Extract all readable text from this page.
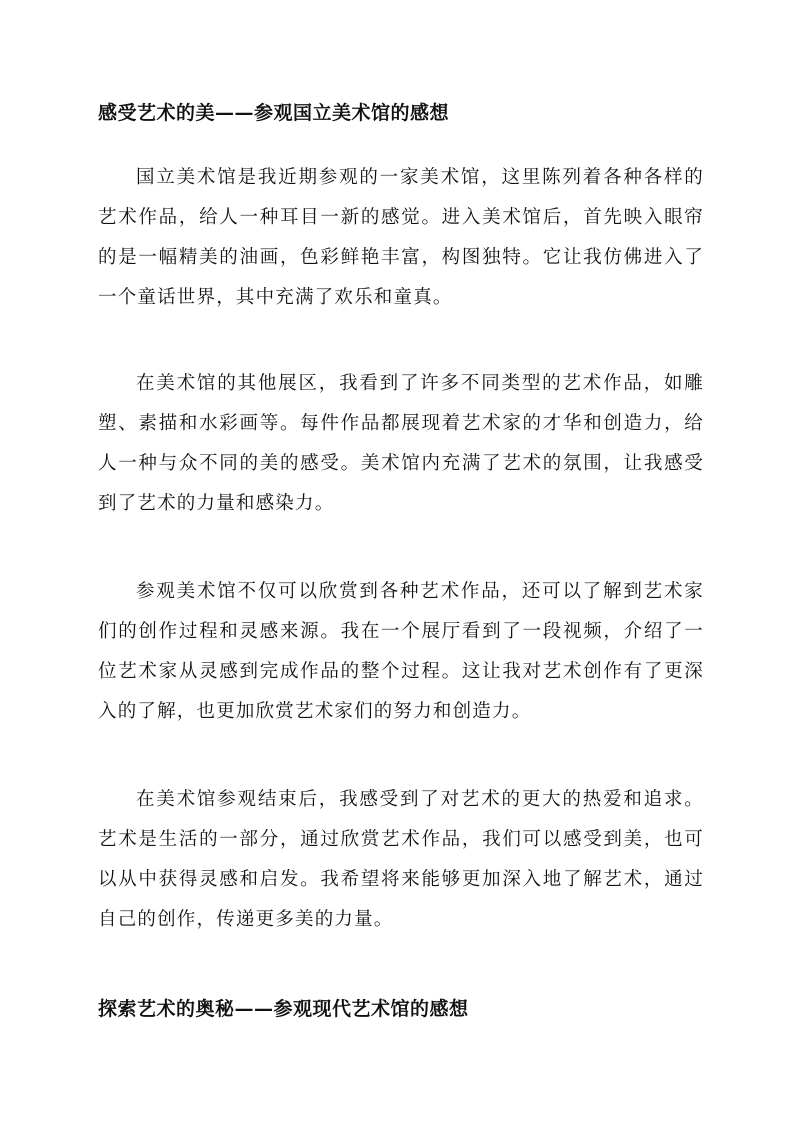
感受艺术的美——参观国立美术馆的感想

国立美术馆是我近期参观的一家美术馆，这里陈列着各种各样的艺术作品，给人一种耳目一新的感觉。进入美术馆后，首先映入眼帘的是一幅精美的油画，色彩鲜艳丰富，构图独特。它让我仿佛进入了一个童话世界，其中充满了欢乐和童真。

在美术馆的其他展区，我看到了许多不同类型的艺术作品，如雕塑、素描和水彩画等。每件作品都展现着艺术家的才华和创造力，给人一种与众不同的美的感受。美术馆内充满了艺术的氛围，让我感受到了艺术的力量和感染力。

参观美术馆不仅可以欣赏到各种艺术作品，还可以了解到艺术家们的创作过程和灵感来源。我在一个展厅看到了一段视频，介绍了一位艺术家从灵感到完成作品的整个过程。这让我对艺术创作有了更深入的了解，也更加欣赏艺术家们的努力和创造力。

在美术馆参观结束后，我感受到了对艺术的更大的热爱和追求。艺术是生活的一部分，通过欣赏艺术作品，我们可以感受到美，也可以从中获得灵感和启发。我希望将来能够更加深入地了解艺术，通过自己的创作，传递更多美的力量。

探索艺术的奥秘——参观现代艺术馆的感想
